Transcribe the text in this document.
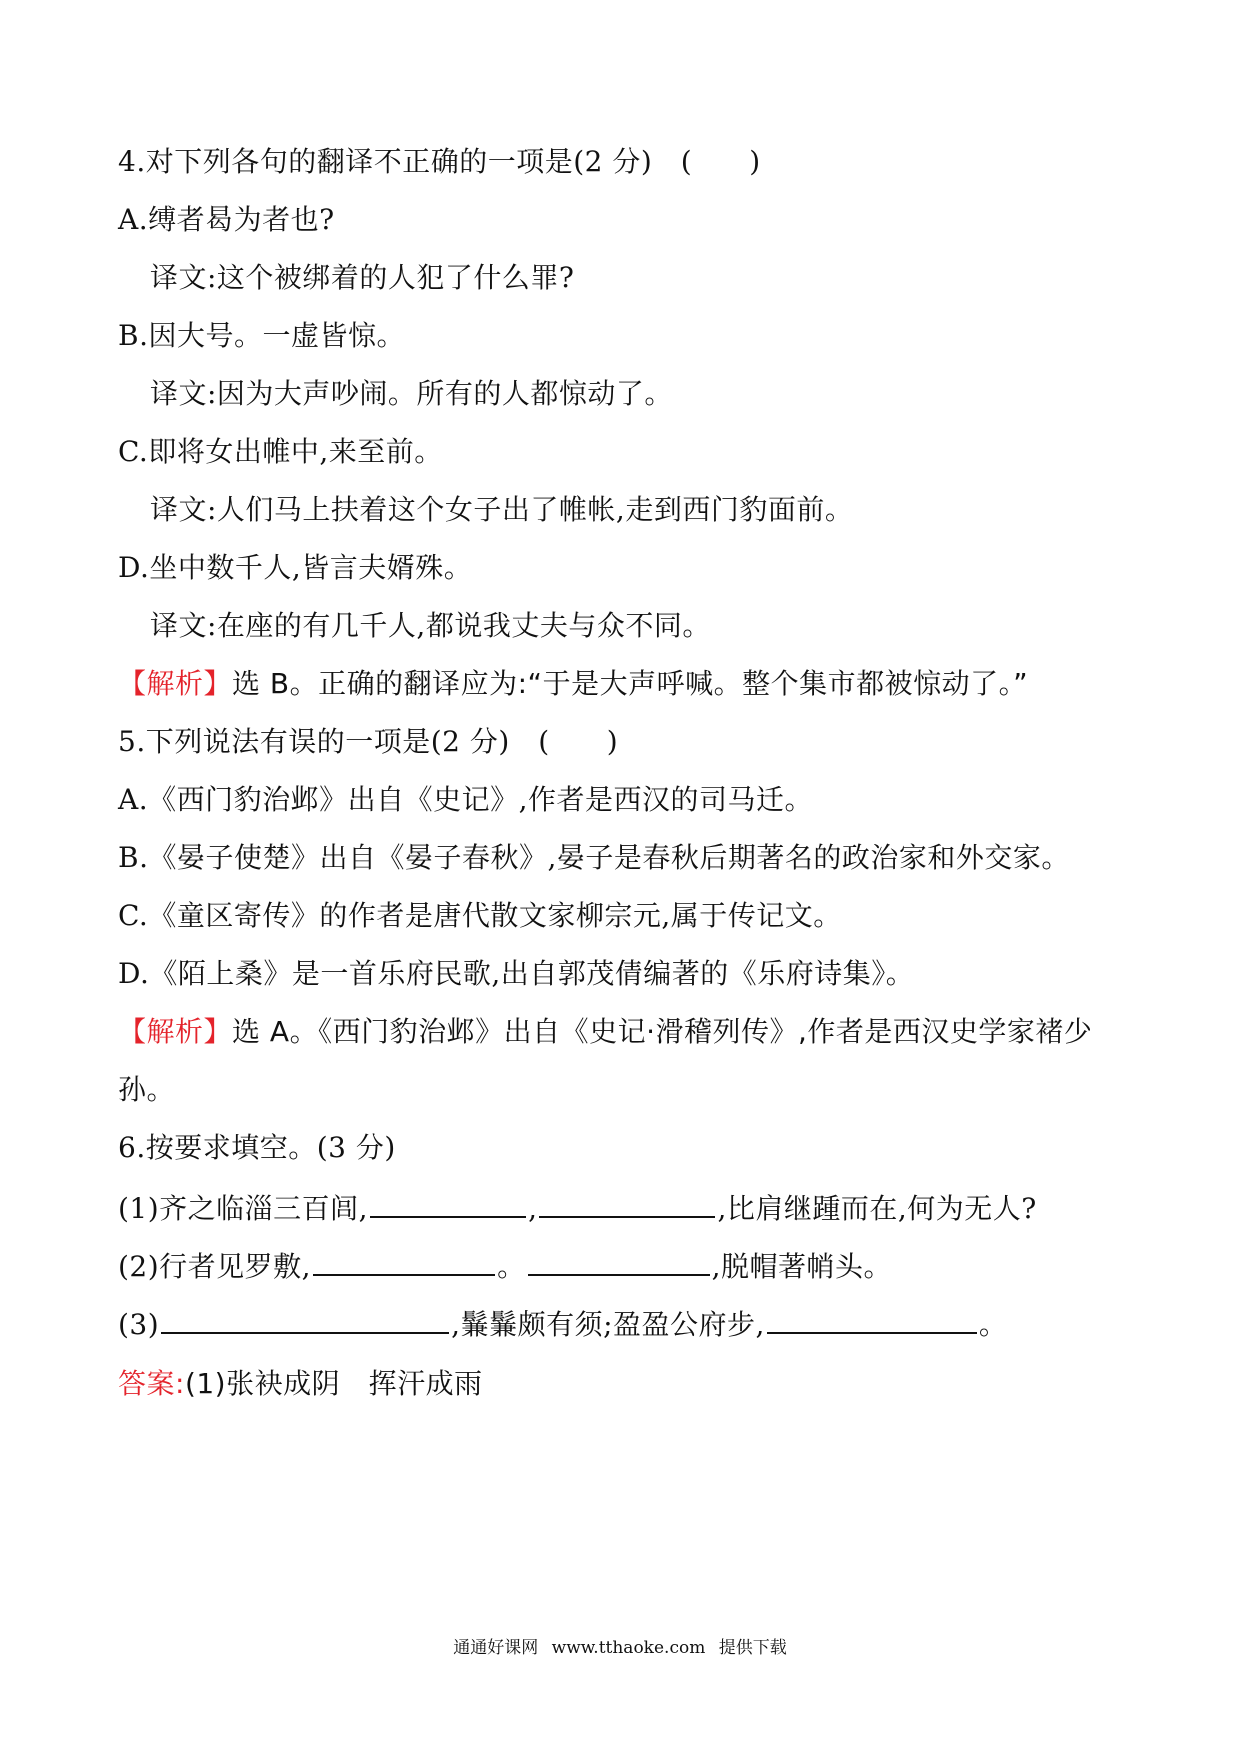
4.对下列各句的翻译不正确的一项是(2 分)　(　　)
A.缚者曷为者也?
译文:这个被绑着的人犯了什么罪?
B.因大号。一虚皆惊。
译文:因为大声吵闹。所有的人都惊动了。
C.即将女出帷中,来至前。
译文:人们马上扶着这个女子出了帷帐,走到西门豹面前。
D.坐中数千人,皆言夫婿殊。
译文:在座的有几千人,都说我丈夫与众不同。
【解析】选 B。正确的翻译应为:“于是大声呼喊。整个集市都被惊动了。”
5.下列说法有误的一项是(2 分)　(　　)
A.《西门豹治邺》出自《史记》,作者是西汉的司马迁。
B.《晏子使楚》出自《晏子春秋》,晏子是春秋后期著名的政治家和外交家。
C.《童区寄传》的作者是唐代散文家柳宗元,属于传记文。
D.《陌上桑》是一首乐府民歌,出自郭茂倩编著的《乐府诗集》。
【解析】选 A。《西门豹治邺》出自《史记·滑稽列传》,作者是西汉史学家褚少
孙。
6.按要求填空。(3 分)
(1)齐之临淄三百闾,	,	,比肩继踵而在,何为无人?
(2)行者见罗敷,	。	,脱帽著帩头。
(3)	,鬑鬑颇有须;盈盈公府步,	。
答案:(1)张袂成阴　挥汗成雨
通通好课网 www.tthaoke.com 提供下载
